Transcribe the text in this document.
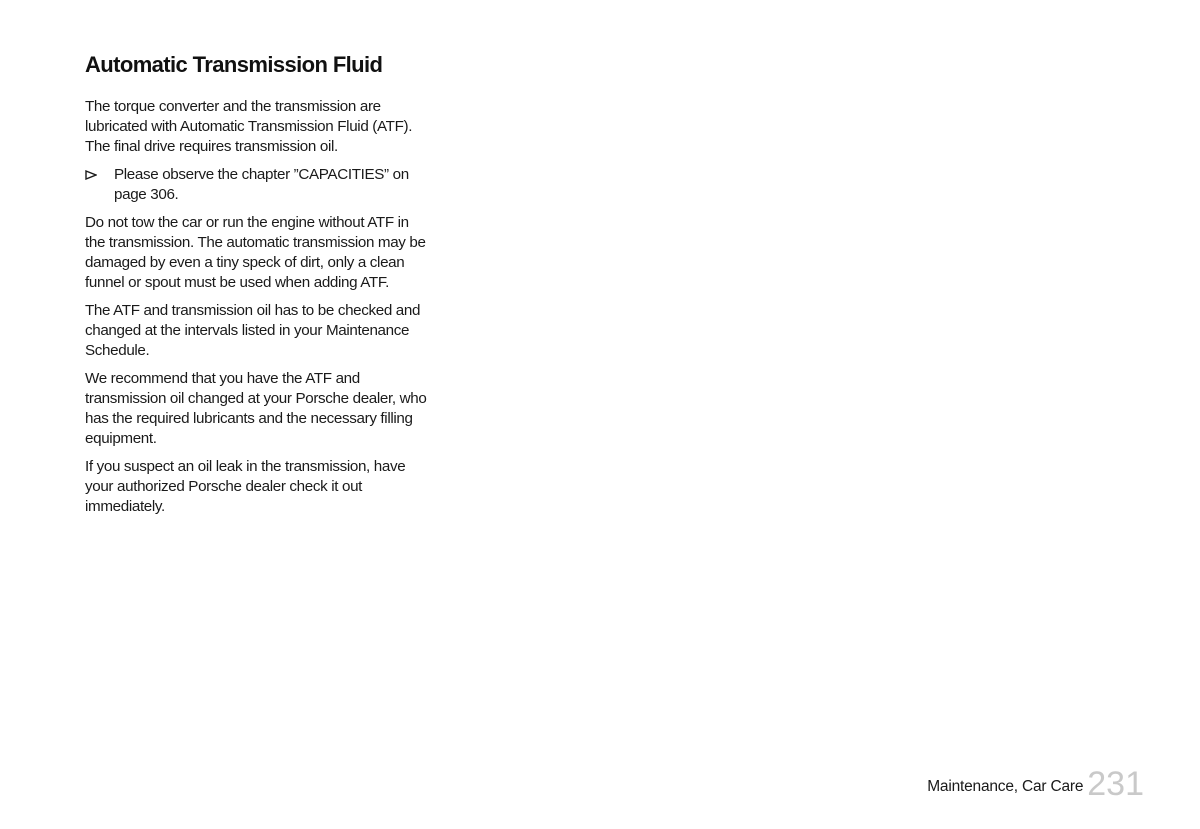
Automatic Transmission Fluid

The torque converter and the transmission are lubricated with Automatic Transmission Fluid (ATF). The final drive requires transmission oil.

Please observe the chapter ”CAPACITIES” on page 306.

Do not tow the car or run the engine without ATF in the transmission. The automatic transmission may be damaged by even a tiny speck of dirt, only a clean funnel or spout must be used when adding ATF.

The ATF and transmission oil has to be checked and changed at the intervals listed in your Maintenance Schedule.

We recommend that you have the ATF and transmission oil changed at your Porsche dealer, who has the required lubricants and the necessary filling equipment.

If you suspect an oil leak in the transmission, have your authorized Porsche dealer check it out immediately.

Maintenance, Car Care 231
